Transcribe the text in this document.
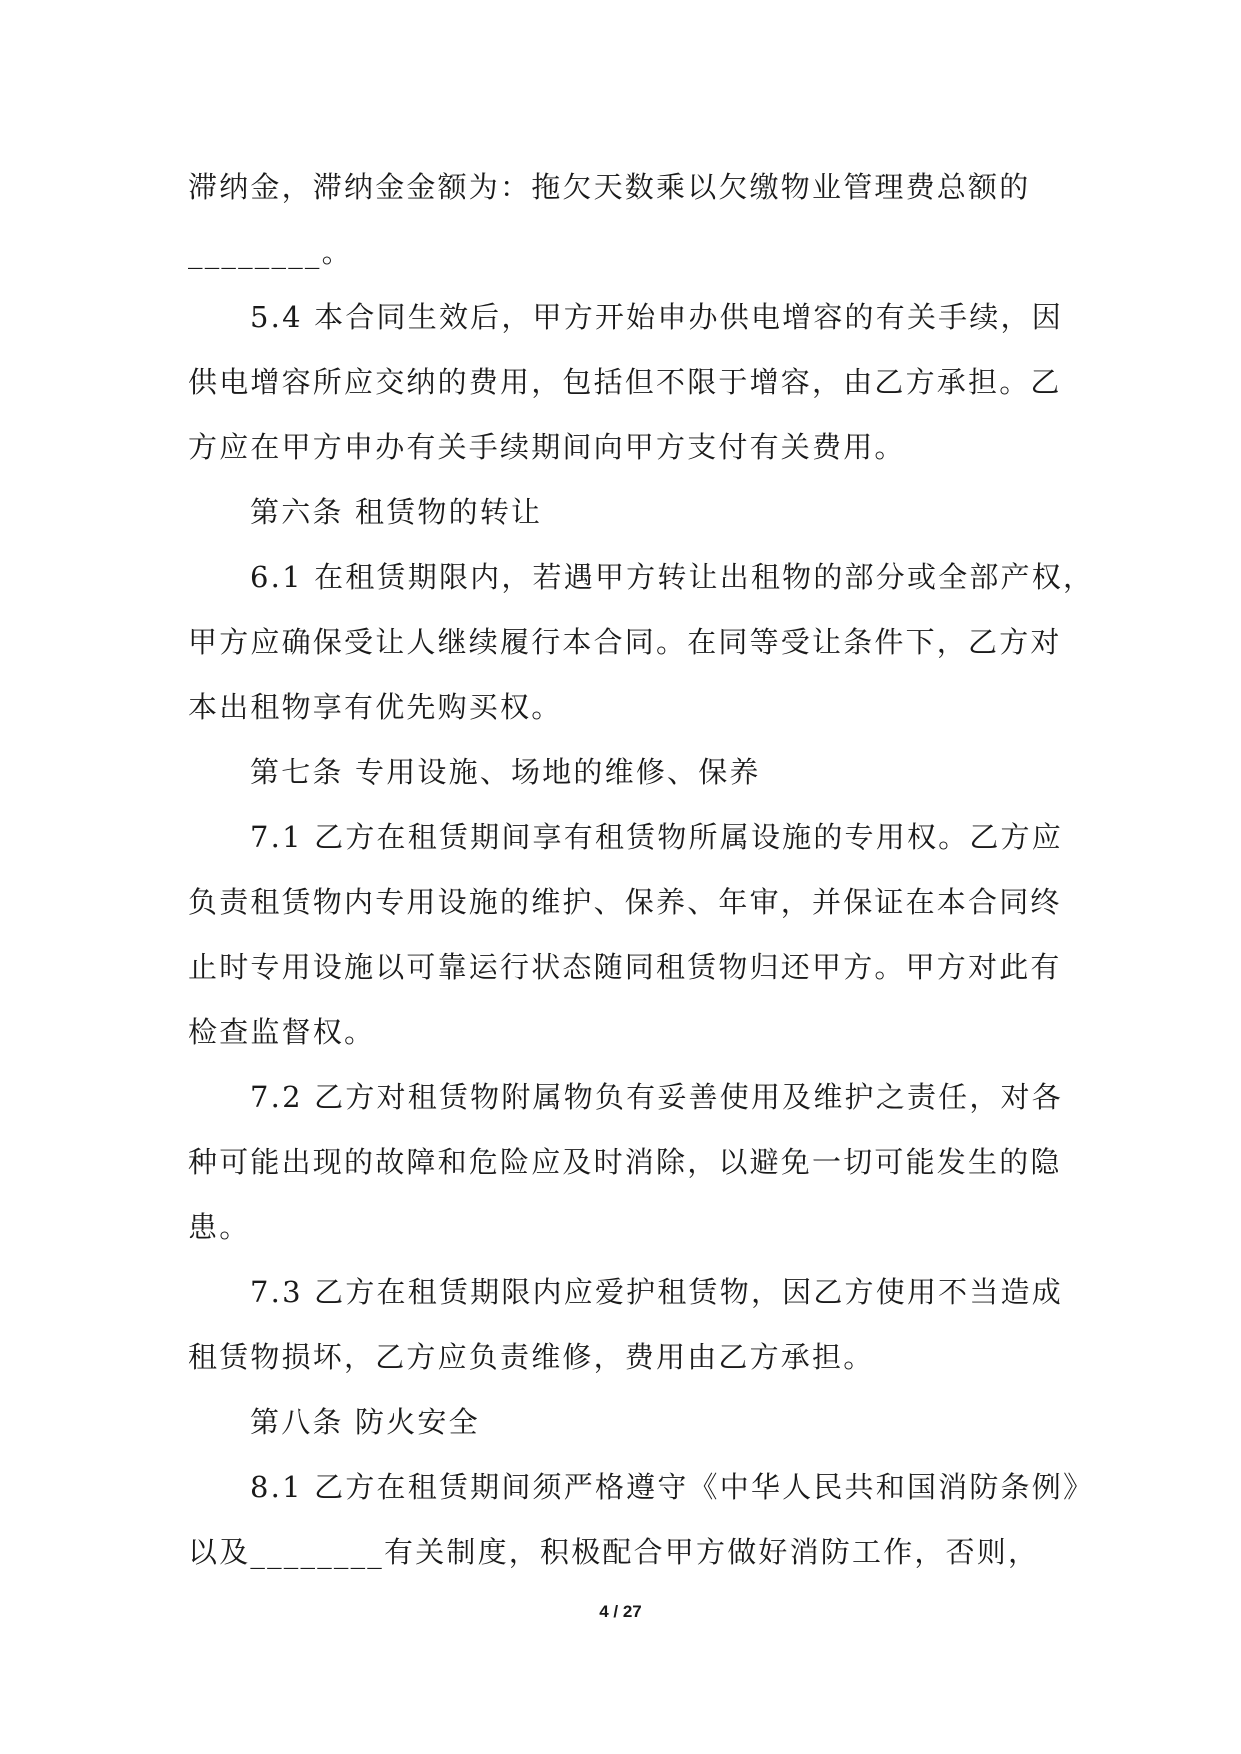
滞纳金，滞纳金金额为：拖欠天数乘以欠缴物业管理费总额的
________。
5.4 本合同生效后，甲方开始申办供电增容的有关手续，因
供电增容所应交纳的费用，包括但不限于增容，由乙方承担。乙
方应在甲方申办有关手续期间向甲方支付有关费用。
第六条 租赁物的转让
6.1 在租赁期限内，若遇甲方转让出租物的部分或全部产权，
甲方应确保受让人继续履行本合同。在同等受让条件下，乙方对
本出租物享有优先购买权。
第七条 专用设施、场地的维修、保养
7.1 乙方在租赁期间享有租赁物所属设施的专用权。乙方应
负责租赁物内专用设施的维护、保养、年审，并保证在本合同终
止时专用设施以可靠运行状态随同租赁物归还甲方。甲方对此有
检查监督权。
7.2 乙方对租赁物附属物负有妥善使用及维护之责任，对各
种可能出现的故障和危险应及时消除，以避免一切可能发生的隐
患。
7.3 乙方在租赁期限内应爱护租赁物，因乙方使用不当造成
租赁物损坏，乙方应负责维修，费用由乙方承担。
第八条 防火安全
8.1 乙方在租赁期间须严格遵守《中华人民共和国消防条例》
以及________有关制度，积极配合甲方做好消防工作，否则，
4 / 27
